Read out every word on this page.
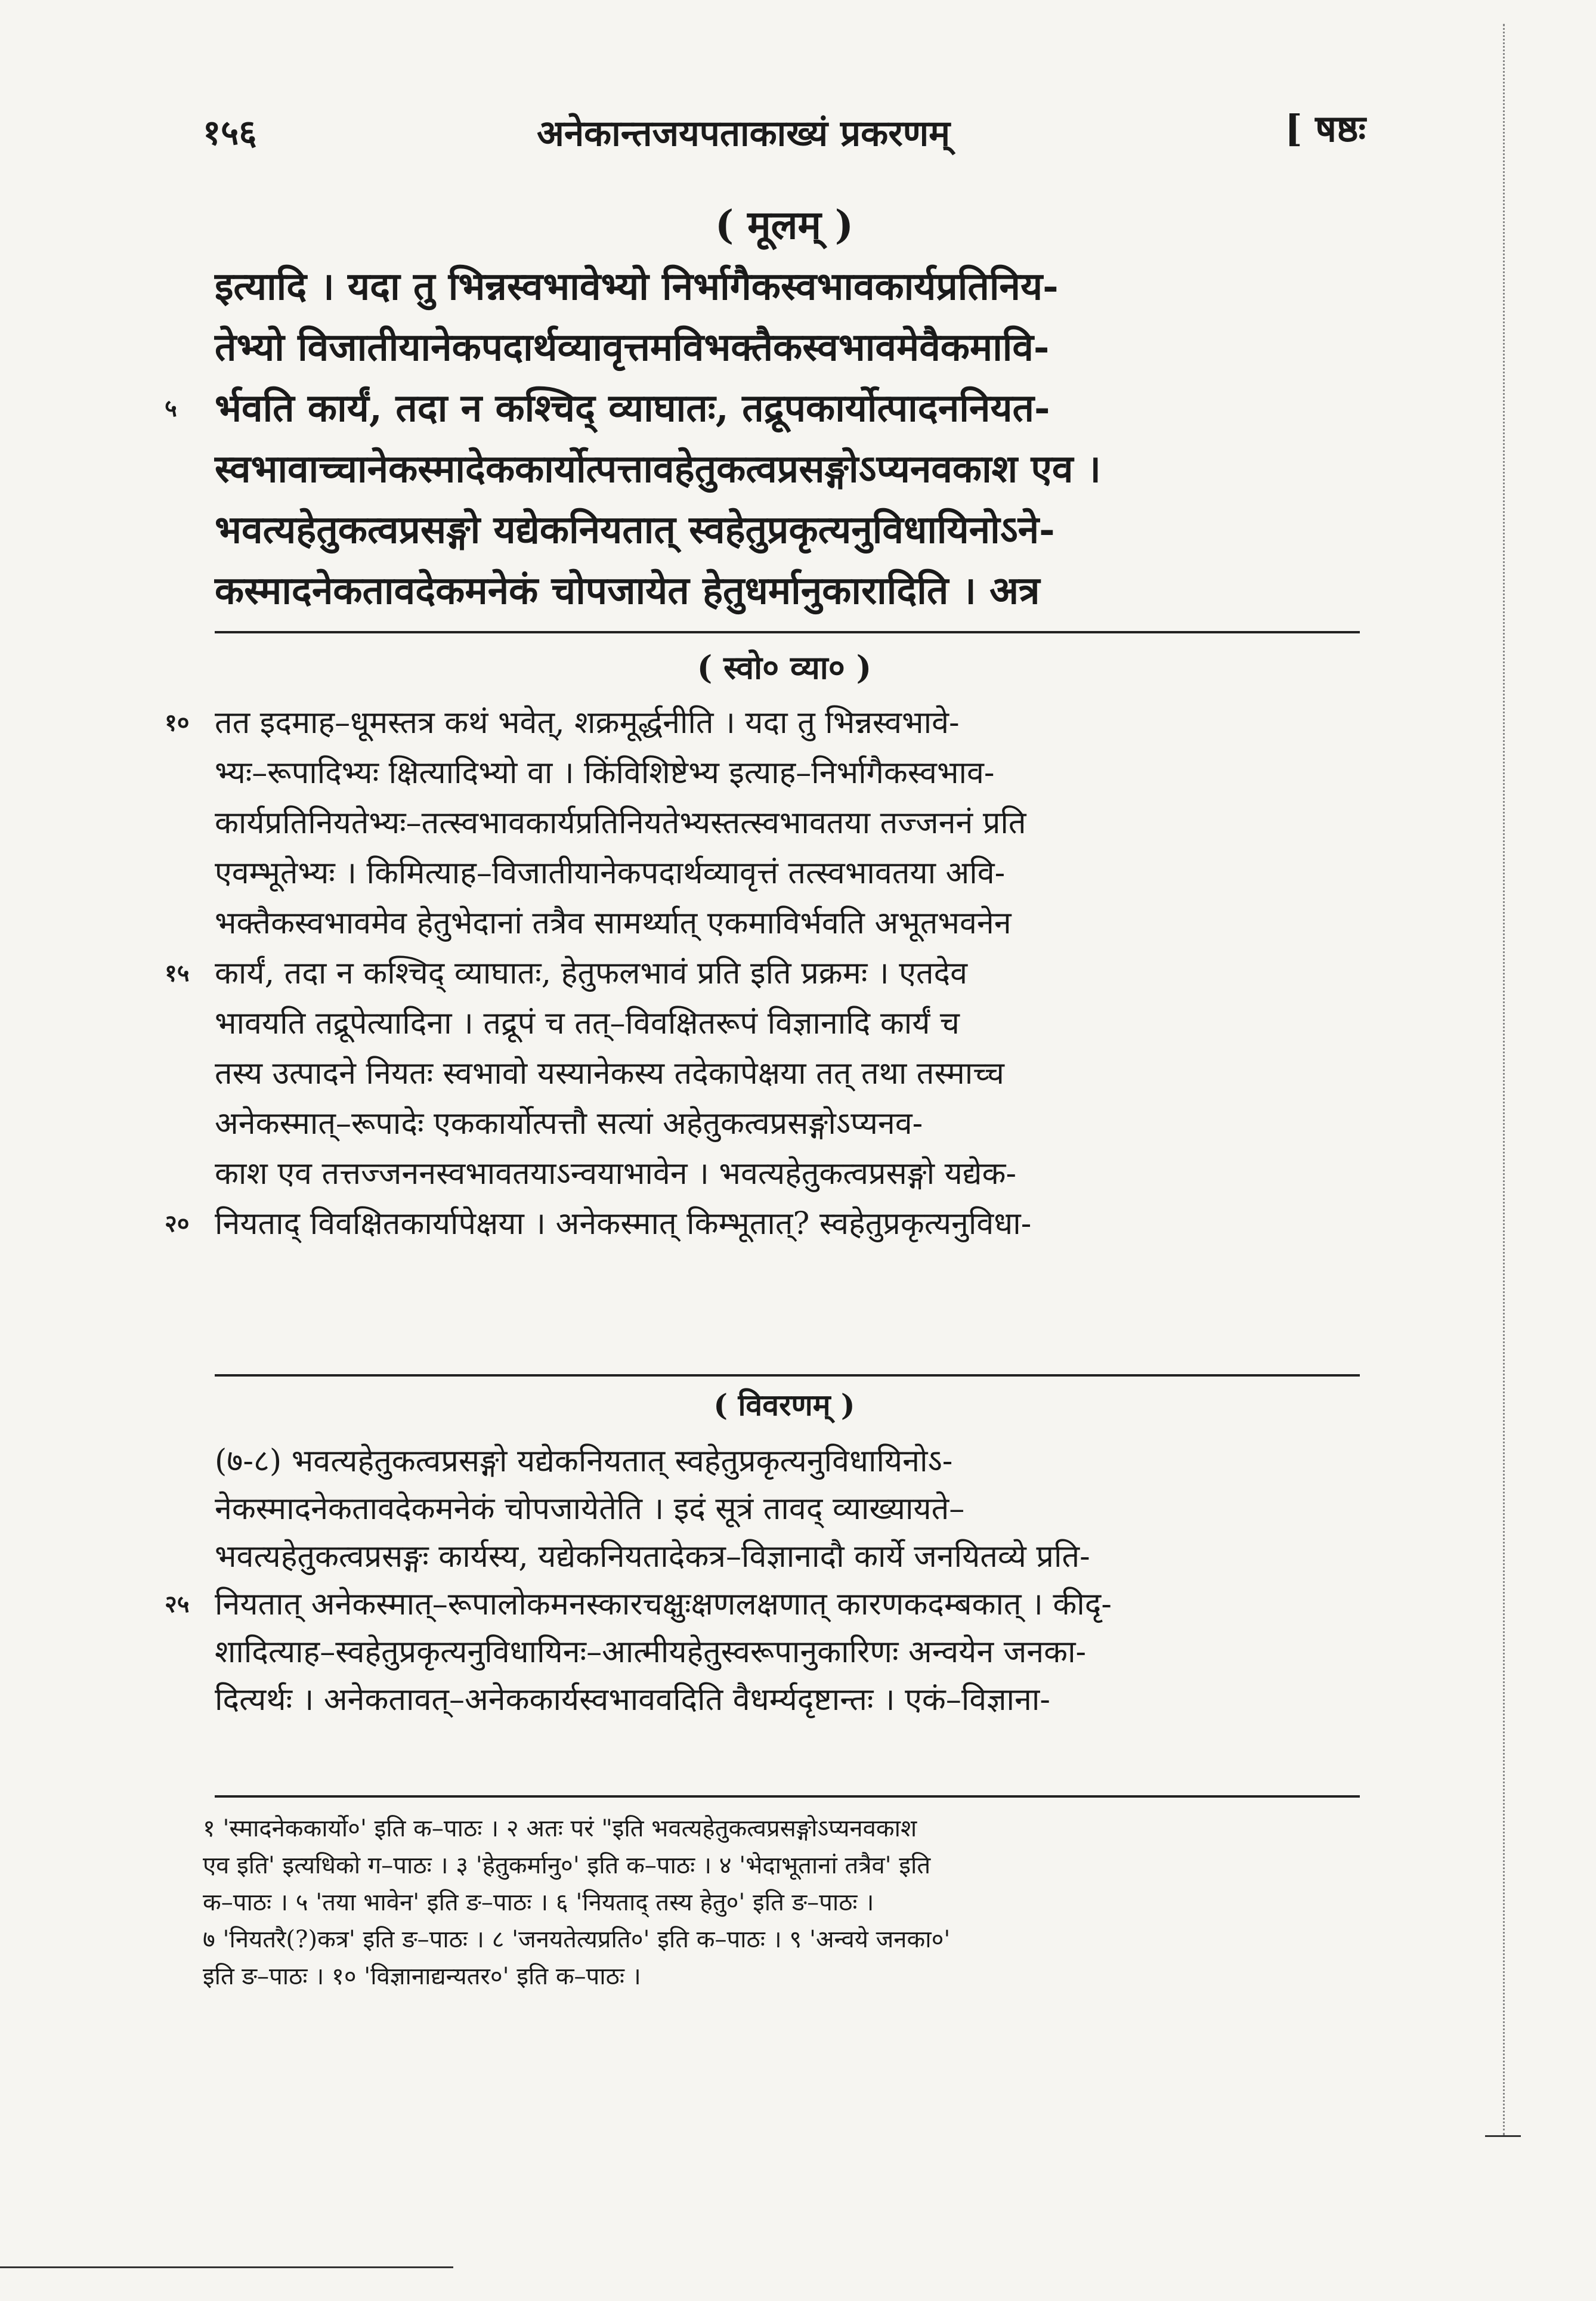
१५६	अनेकान्तजयपताकाख्यं प्रकरणम्	[ षष्ठः
( मूलम् )
इत्यादि । यदा तु भिन्नस्वभावेभ्यो निर्भागैकस्वभावकार्यप्रतिनिय-
तेभ्यो विजातीयानेकपदार्थव्यावृत्तमविभक्तैकस्वभावमेवैकमावि-
५ र्भवति कार्यं, तदा न कश्चिद् व्याघातः, तद्रूपकार्योत्पादननियत-
स्वभावाच्चानेकस्मादेककार्योत्पत्तावहेतुकत्वप्रसङ्गोऽप्यनवकाश एव ।
भवत्यहेतुकत्वप्रसङ्गो यद्येकनियतात् स्वहेतुप्रकृत्यनुविधायिनोऽने-
कस्मादनेकतावदेकमनेकं चोपजायेत हेतुधर्मानुकारादिति । अत्र
( स्वो० व्या० )
१० तत इदमाह–धूमस्तत्र कथं भवेत्, शक्रमूर्द्धनीति । यदा तु भिन्नस्वभावे-
भ्यः–रूपादिभ्यः क्षित्यादिभ्यो वा । किंविशिष्टेभ्य इत्याह–निर्भागैकस्वभाव-
कार्यप्रतिनियतेभ्यः–तत्स्वभावकार्यप्रतिनियतेभ्यस्तत्स्वभावतया तज्जननं प्रति
एवम्भूतेभ्यः । किमित्याह–विजातीयानेकपदार्थव्यावृत्तं तत्स्वभावतया अवि-
भक्तैकस्वभावमेव हेतुभेदानां तत्रैव सामर्थ्यात् एकमाविर्भवति अभूतभवनेन
१५ कार्यं, तदा न कश्चिद् व्याघातः, हेतुफलभावं प्रति इति प्रक्रमः । एतदेव
भावयति तद्रूपेत्यादिना । तद्रूपं च तत्–विवक्षितरूपं विज्ञानादि कार्यं च
तस्य उत्पादने नियतः स्वभावो यस्यानेकस्य तदेकापेक्षया तत् तथा तस्माच्च
अनेकस्मात्–रूपादेः एककार्योत्पत्तौ सत्यां अहेतुकत्वप्रसङ्गोऽप्यनव-
काश एव तत्तज्जननस्वभावतयाऽन्वयाभावेन । भवत्यहेतुकत्वप्रसङ्गो यद्येक-
२० नियताद् विवक्षितकार्यापेक्षया । अनेकस्मात् किम्भूतात्? स्वहेतुप्रकृत्यनुविधा-
( विवरणम् )
(७-८) भवत्यहेतुकत्वप्रसङ्गो यद्येकनियतात् स्वहेतुप्रकृत्यनुविधायिनोऽ-
नेकस्मादनेकतावदेकमनेकं चोपजायेतेति । इदं सूत्रं तावद् व्याख्यायते–
भवत्यहेतुकत्वप्रसङ्गः कार्यस्य, यद्येकनियतादेकत्र–विज्ञानादौ कार्ये जनयितव्ये प्रति-
२५ नियतात् अनेकस्मात्–रूपालोकमनस्कारचक्षुःक्षणलक्षणात् कारणकदम्बकात् । कीदृ-
शादित्याह–स्वहेतुप्रकृत्यनुविधायिनः–आत्मीयहेतुस्वरूपानुकारिणः अन्वयेन जनका-
दित्यर्थः । अनेकतावत्–अनेककार्यस्वभाववदिति वैधर्म्यदृष्टान्तः । एकं–विज्ञाना-
१ 'स्मादनेककार्यो०' इति क–पाठः । २ अतः परं "इति भवत्यहेतुकत्वप्रसङ्गोऽप्यनवकाश
एव इति' इत्यधिको ग–पाठः । ३ 'हेतुकर्मानु०' इति क–पाठः । ४ 'भेदाभूतानां तत्रैव' इति
क–पाठः । ५ 'तया भावेन' इति ङ–पाठः । ६ 'नियताद् तस्य हेतु०' इति ङ–पाठः ।
७ 'नियतरै(?)कत्र' इति ङ–पाठः । ८ 'जनयतेत्यप्रति०' इति क–पाठः । ९ 'अन्वये जनका०'
इति ङ–पाठः । १० 'विज्ञानाद्यन्यतर०' इति क–पाठः ।
